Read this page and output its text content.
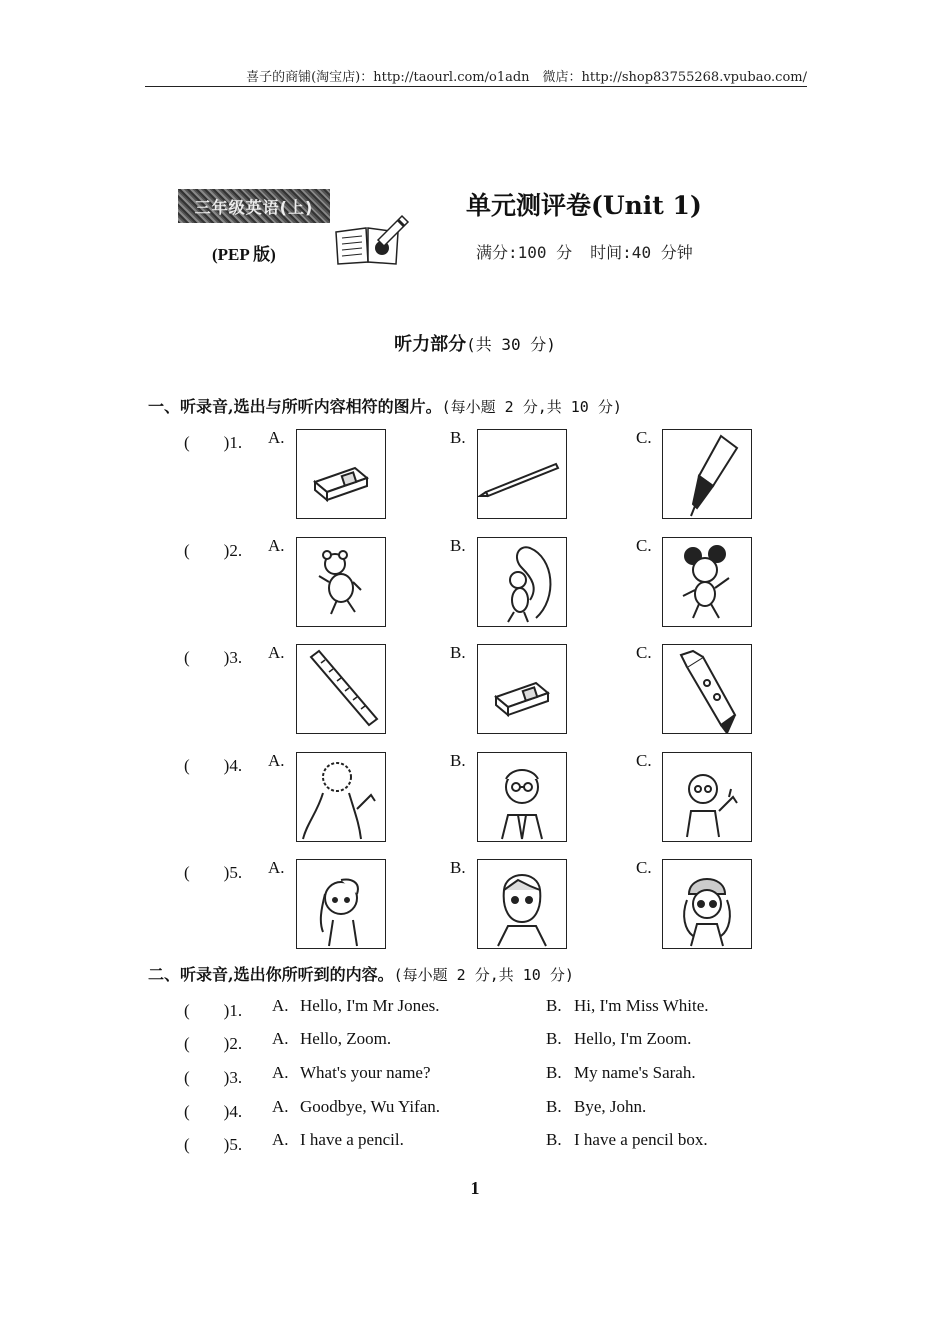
喜子的商铺(淘宝店)：http://taourl.com/o1adn　微店：http://shop83755268.vpubao.com/
三年级英语(上)
(PEP 版)
单元测评卷(Unit 1)
满分:100 分 时间:40 分钟
听力部分(共 30 分)
一、听录音,选出与所听内容相符的图片。(每小题 2 分,共 10 分)
(　　)1. A.	B.	C.
(　　)2. A.	B.	C.
(　　)3. A.	B.	C.
(　　)4. A.	B.	C.
(　　)5. A.	B.	C.
二、听录音,选出你所听到的内容。(每小题 2 分,共 10 分)
(　　)1. A. Hello, I'm Mr Jones.	B. Hi, I'm Miss White.
(　　)2. A. Hello, Zoom.	B. Hello, I'm Zoom.
(　　)3. A. What's your name?	B. My name's Sarah.
(　　)4. A. Goodbye, Wu Yifan.	B. Bye, John.
(　　)5. A. I have a pencil.	B. I have a pencil box.
1
